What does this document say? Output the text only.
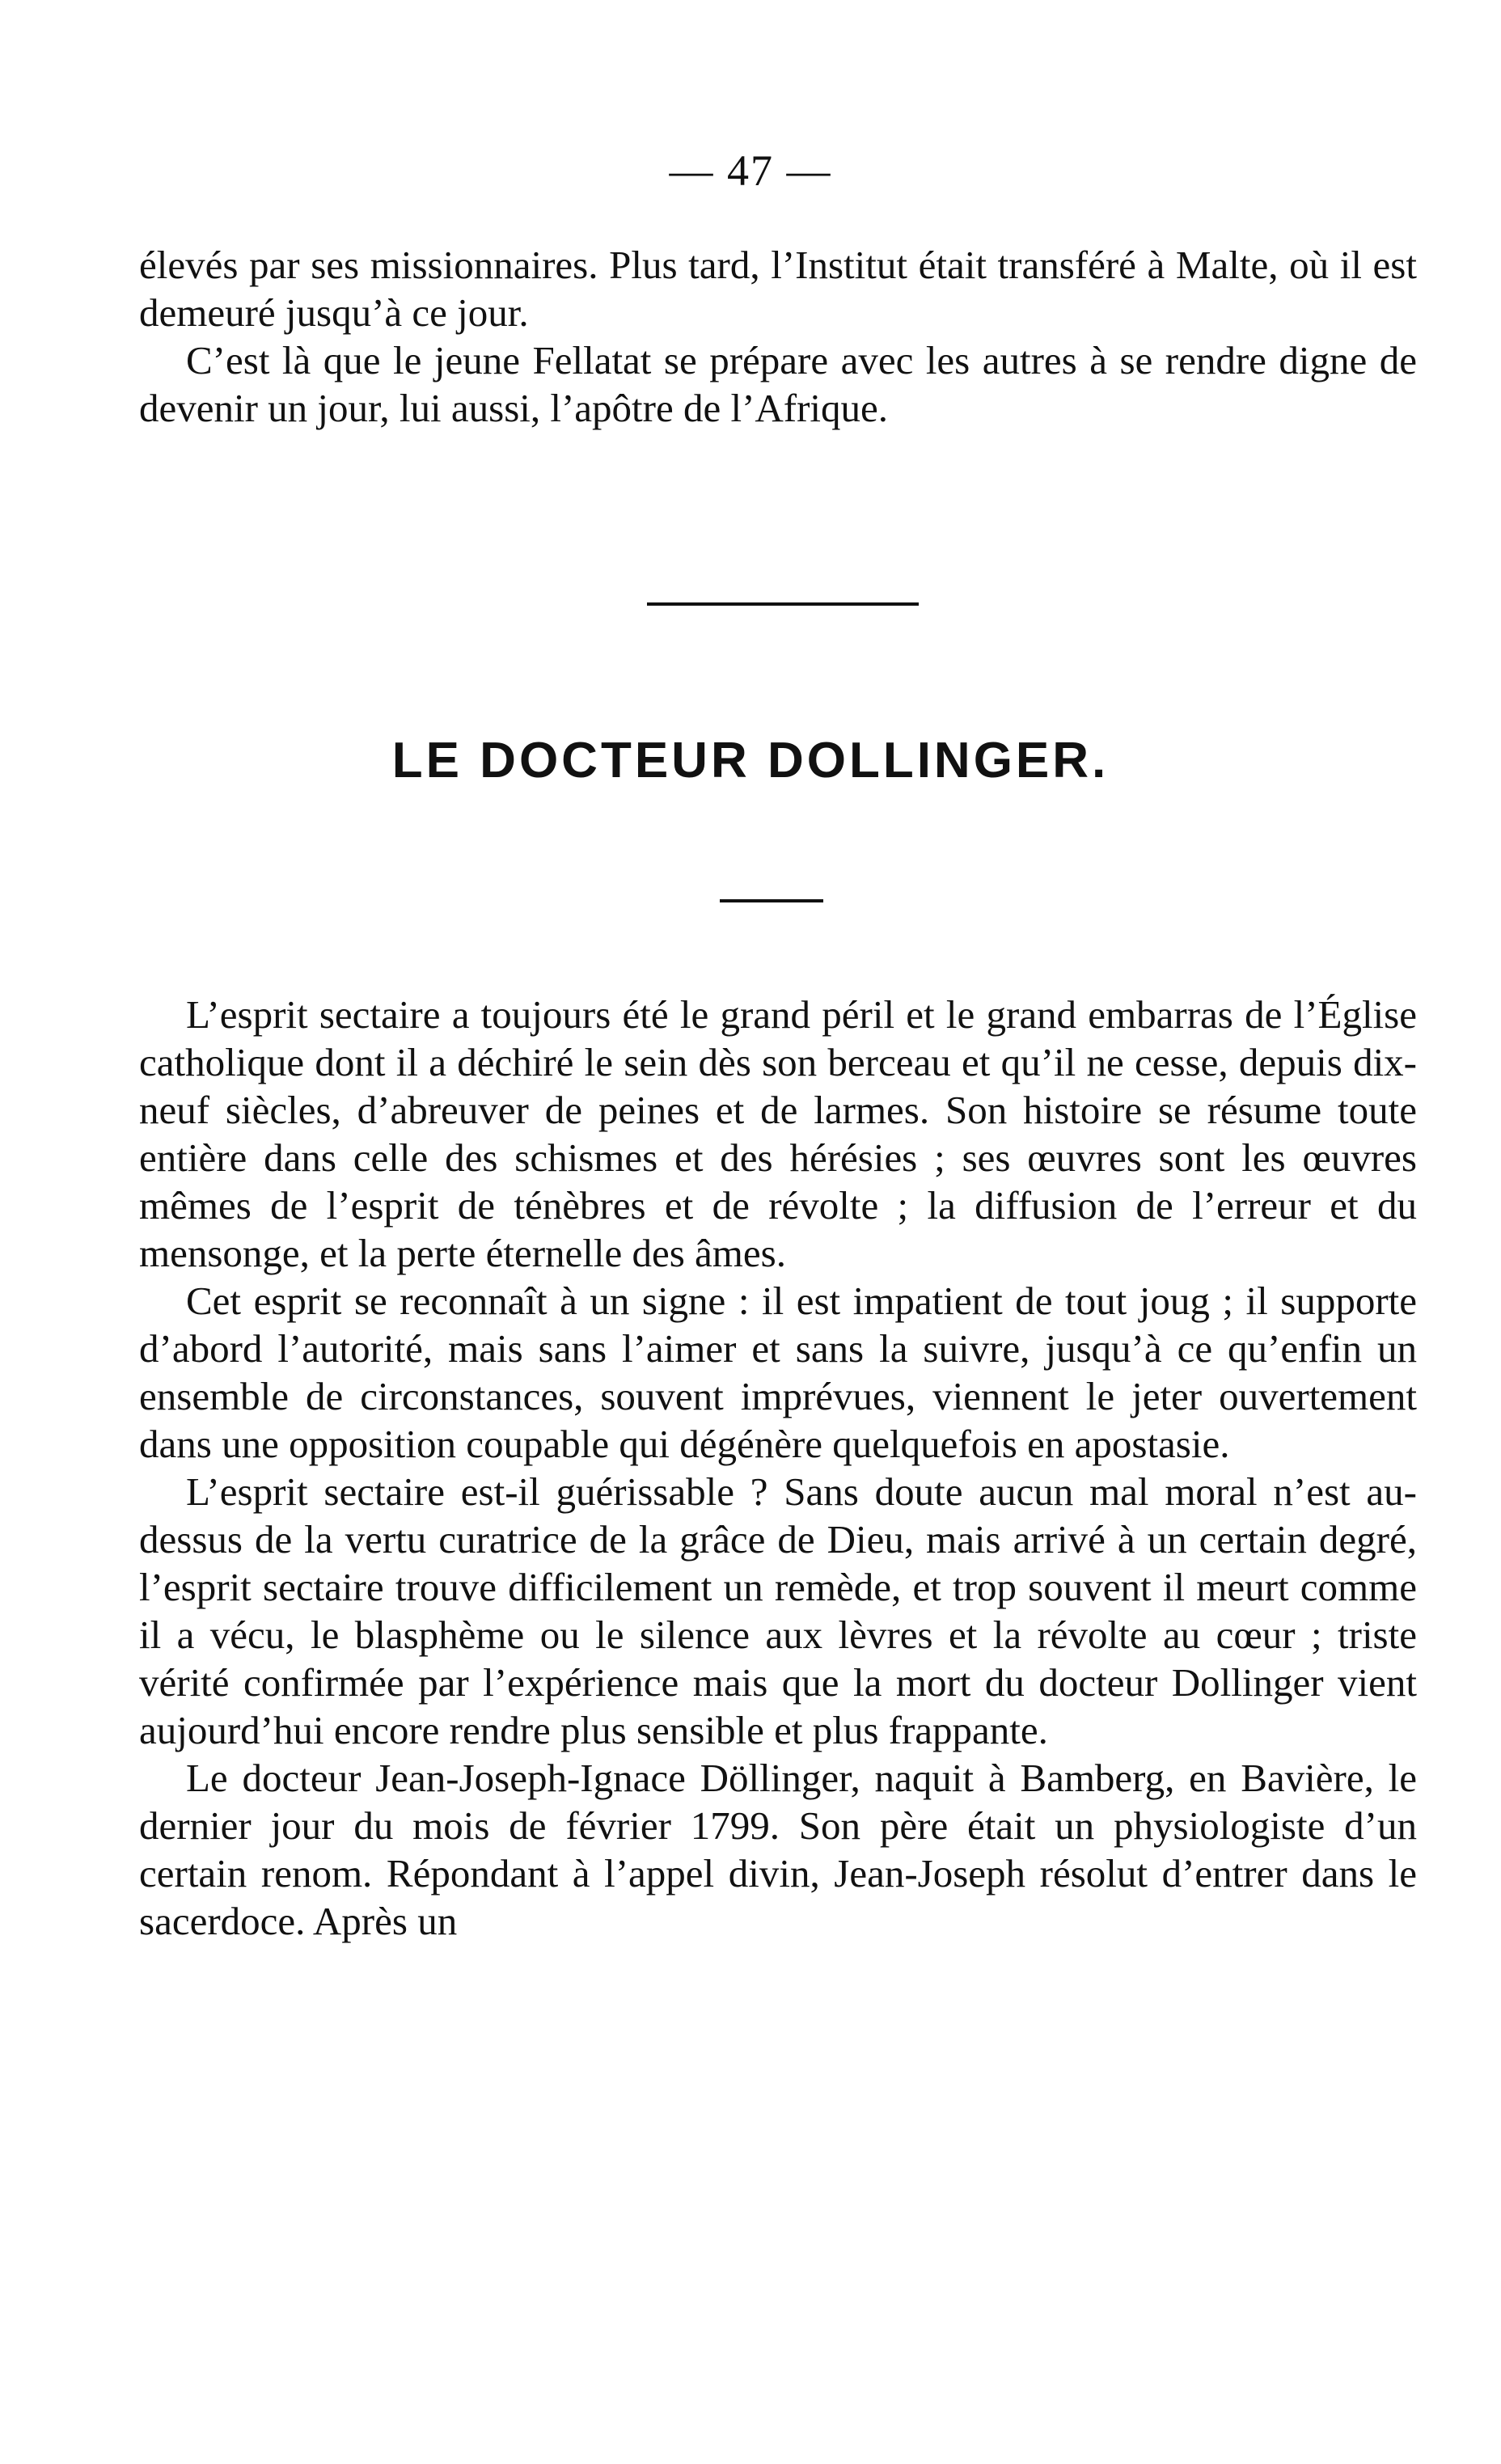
— 47 —

élevés par ses missionnaires. Plus tard, l’Institut était transféré à Malte, où il est demeuré jusqu’à ce jour.

C’est là que le jeune Fellatat se prépare avec les autres à se rendre digne de devenir un jour, lui aussi, l’apôtre de l’Afrique.

LE DOCTEUR DOLLINGER.

L’esprit sectaire a toujours été le grand péril et le grand embarras de l’Église catholique dont il a déchiré le sein dès son berceau et qu’il ne cesse, depuis dix-neuf siècles, d’abreuver de peines et de larmes. Son histoire se résume toute entière dans celle des schismes et des hérésies ; ses œuvres sont les œuvres mêmes de l’esprit de ténèbres et de révolte ; la diffusion de l’erreur et du mensonge, et la perte éternelle des âmes.

Cet esprit se reconnaît à un signe : il est impatient de tout joug ; il supporte d’abord l’autorité, mais sans l’aimer et sans la suivre, jusqu’à ce qu’enfin un ensemble de circonstances, souvent imprévues, viennent le jeter ouvertement dans une opposition coupable qui dégénère quelquefois en apostasie.

L’esprit sectaire est-il guérissable ? Sans doute aucun mal moral n’est au-dessus de la vertu curatrice de la grâce de Dieu, mais arrivé à un certain degré, l’esprit sectaire trouve difficilement un remède, et trop souvent il meurt comme il a vécu, le blasphème ou le silence aux lèvres et la révolte au cœur ; triste vérité confirmée par l’expérience mais que la mort du docteur Dollinger vient aujourd’hui encore rendre plus sensible et plus frappante.

Le docteur Jean-Joseph-Ignace Döllinger, naquit à Bamberg, en Bavière, le dernier jour du mois de février 1799. Son père était un physiologiste d’un certain renom. Répondant à l’appel divin, Jean-Joseph résolut d’entrer dans le sacerdoce. Après un
